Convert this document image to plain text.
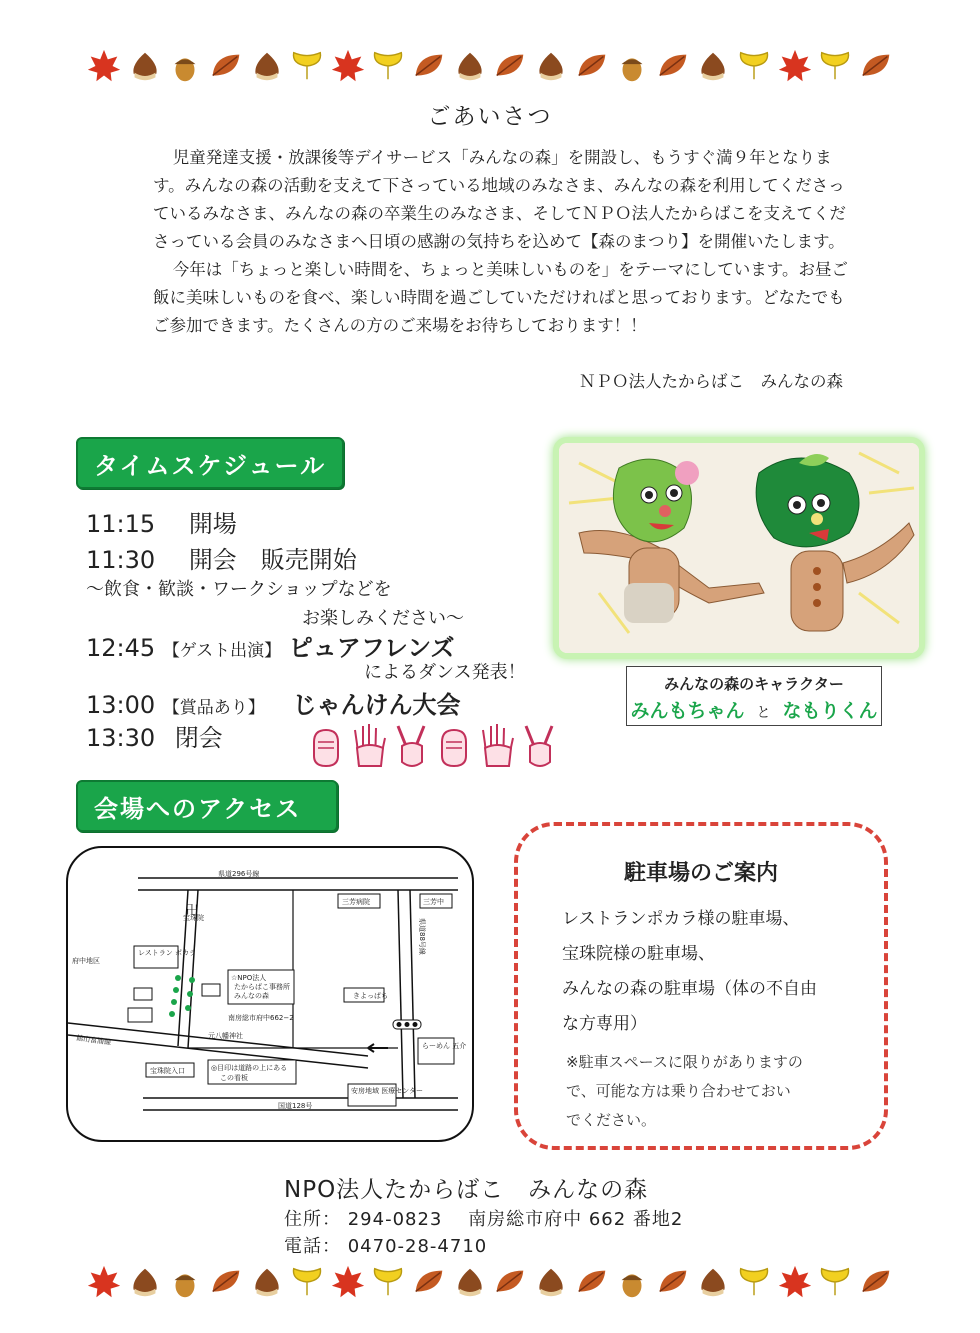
ごあいさつ

児童発達支援・放課後等デイサービス「みんなの森」を開設し、もうすぐ満９年となります。みんなの森の活動を支えて下さっている地域のみなさま、みんなの森を利用してくださっているみなさま、みんなの森の卒業生のみなさま、そしてＮＰＯ法人たからばこを支えてくださっている会員のみなさまへ日頃の感謝の気持ちを込めて【森のまつり】を開催いたします。

今年は「ちょっと楽しい時間を、ちょっと美味しいものを」をテーマにしています。お昼ご飯に美味しいものを食べ、楽しい時間を過ごしていただければと思っております。どなたでもご参加できます。たくさんの方のご来場をお待ちしております！！

ＮＰＯ法人たからばこ　みんなの森

タイムスケジュール
11:15 開場
11:30 開会　販売開始
〜飲食・歓談・ワークショップなどを
お楽しみください〜
12:45 【ゲスト出演】 ピュアフレンズ
によるダンス発表！
13:00 【賞品あり】 じゃんけん大会
13:30 閉会
みんなの森のキャラクター
みんもちゃん と なもりくん
会場へのアクセス
県道296号線
国道128号
館山富浦線
県道88号線
三芳病院	三芳中
宝珠院
レストラン ポカラ
府中地区
☆NPO法人
たからばこ事務所
みんなの森
南房総市府中662−2
きよっぱち
元八幡神社
らーめん 五介
宝珠院入口	◎目印は道路の上にある
この看板
安房地域 医療センター
卍
駐車場のご案内
レストランポカラ様の駐車場、
宝珠院様の駐車場、
みんなの森の駐車場（体の不自由
な方専用）
※駐車スペースに限りがありますの
で、可能な方は乗り合わせておい
でください。
NPO法人たからばこ　みんなの森
住所： 294-0823　 南房総市府中 662 番地2
電話： 0470-28-4710
